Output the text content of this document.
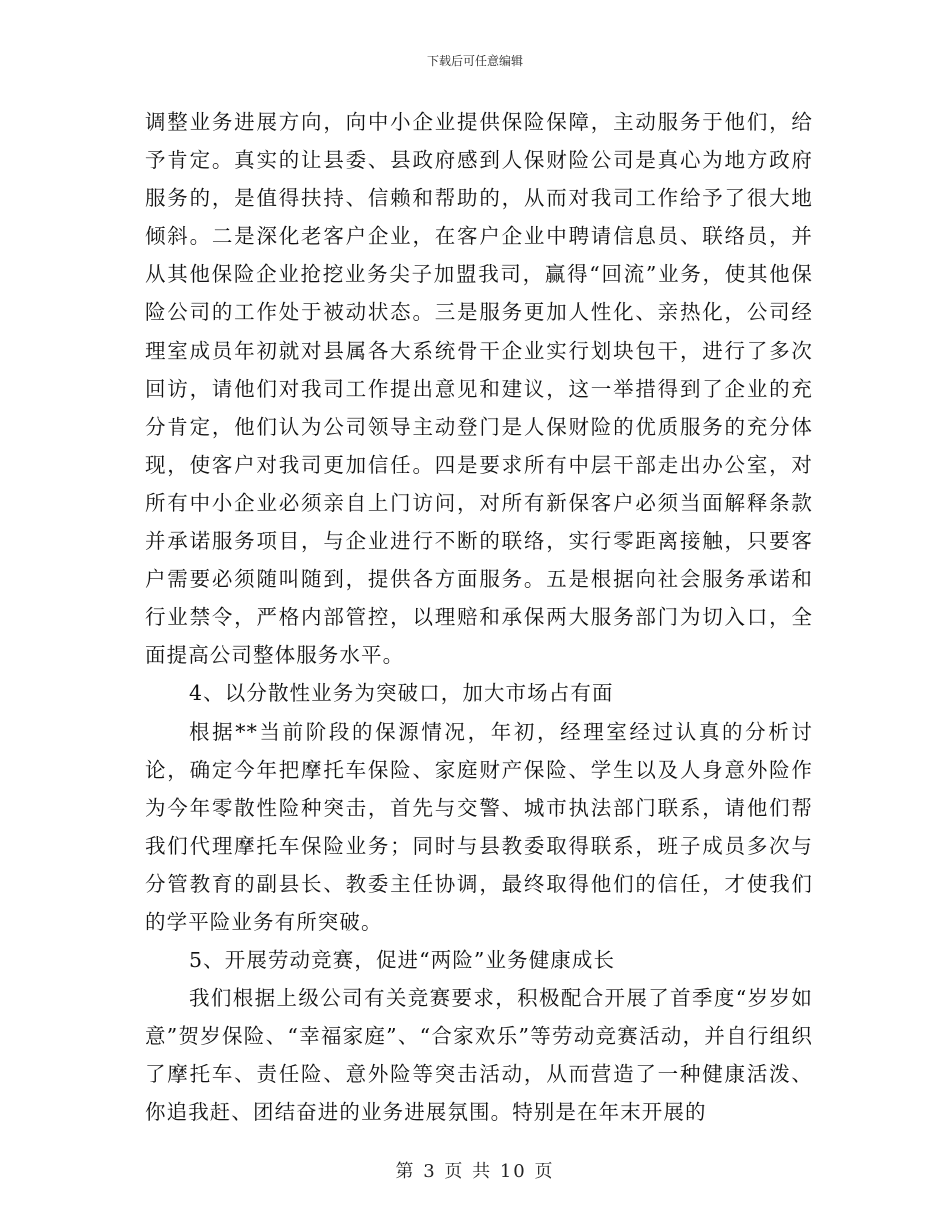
下载后可任意编辑

调整业务进展方向，向中小企业提供保险保障，主动服务于他们，给予肯定。真实的让县委、县政府感到人保财险公司是真心为地方政府服务的，是值得扶持、信赖和帮助的，从而对我司工作给予了很大地倾斜。二是深化老客户企业，在客户企业中聘请信息员、联络员，并从其他保险企业抢挖业务尖子加盟我司，赢得“回流”业务，使其他保险公司的工作处于被动状态。三是服务更加人性化、亲热化，公司经理室成员年初就对县属各大系统骨干企业实行划块包干，进行了多次回访，请他们对我司工作提出意见和建议，这一举措得到了企业的充分肯定，他们认为公司领导主动登门是人保财险的优质服务的充分体现，使客户对我司更加信任。四是要求所有中层干部走出办公室，对所有中小企业必须亲自上门访问，对所有新保客户必须当面解释条款并承诺服务项目，与企业进行不断的联络，实行零距离接触，只要客户需要必须随叫随到，提供各方面服务。五是根据向社会服务承诺和行业禁令，严格内部管控，以理赔和承保两大服务部门为切入口，全面提高公司整体服务水平。

4、以分散性业务为突破口，加大市场占有面

根据**当前阶段的保源情况，年初，经理室经过认真的分析讨论，确定今年把摩托车保险、家庭财产保险、学生以及人身意外险作为今年零散性险种突击，首先与交警、城市执法部门联系，请他们帮我们代理摩托车保险业务；同时与县教委取得联系，班子成员多次与分管教育的副县长、教委主任协调，最终取得他们的信任，才使我们的学平险业务有所突破。

5、开展劳动竞赛，促进“两险”业务健康成长

我们根据上级公司有关竞赛要求，积极配合开展了首季度“岁岁如意”贺岁保险、“幸福家庭”、“合家欢乐”等劳动竞赛活动，并自行组织了摩托车、责任险、意外险等突击活动，从而营造了一种健康活泼、你追我赶、团结奋进的业务进展氛围。特别是在年末开展的

第 3 页 共 10 页
